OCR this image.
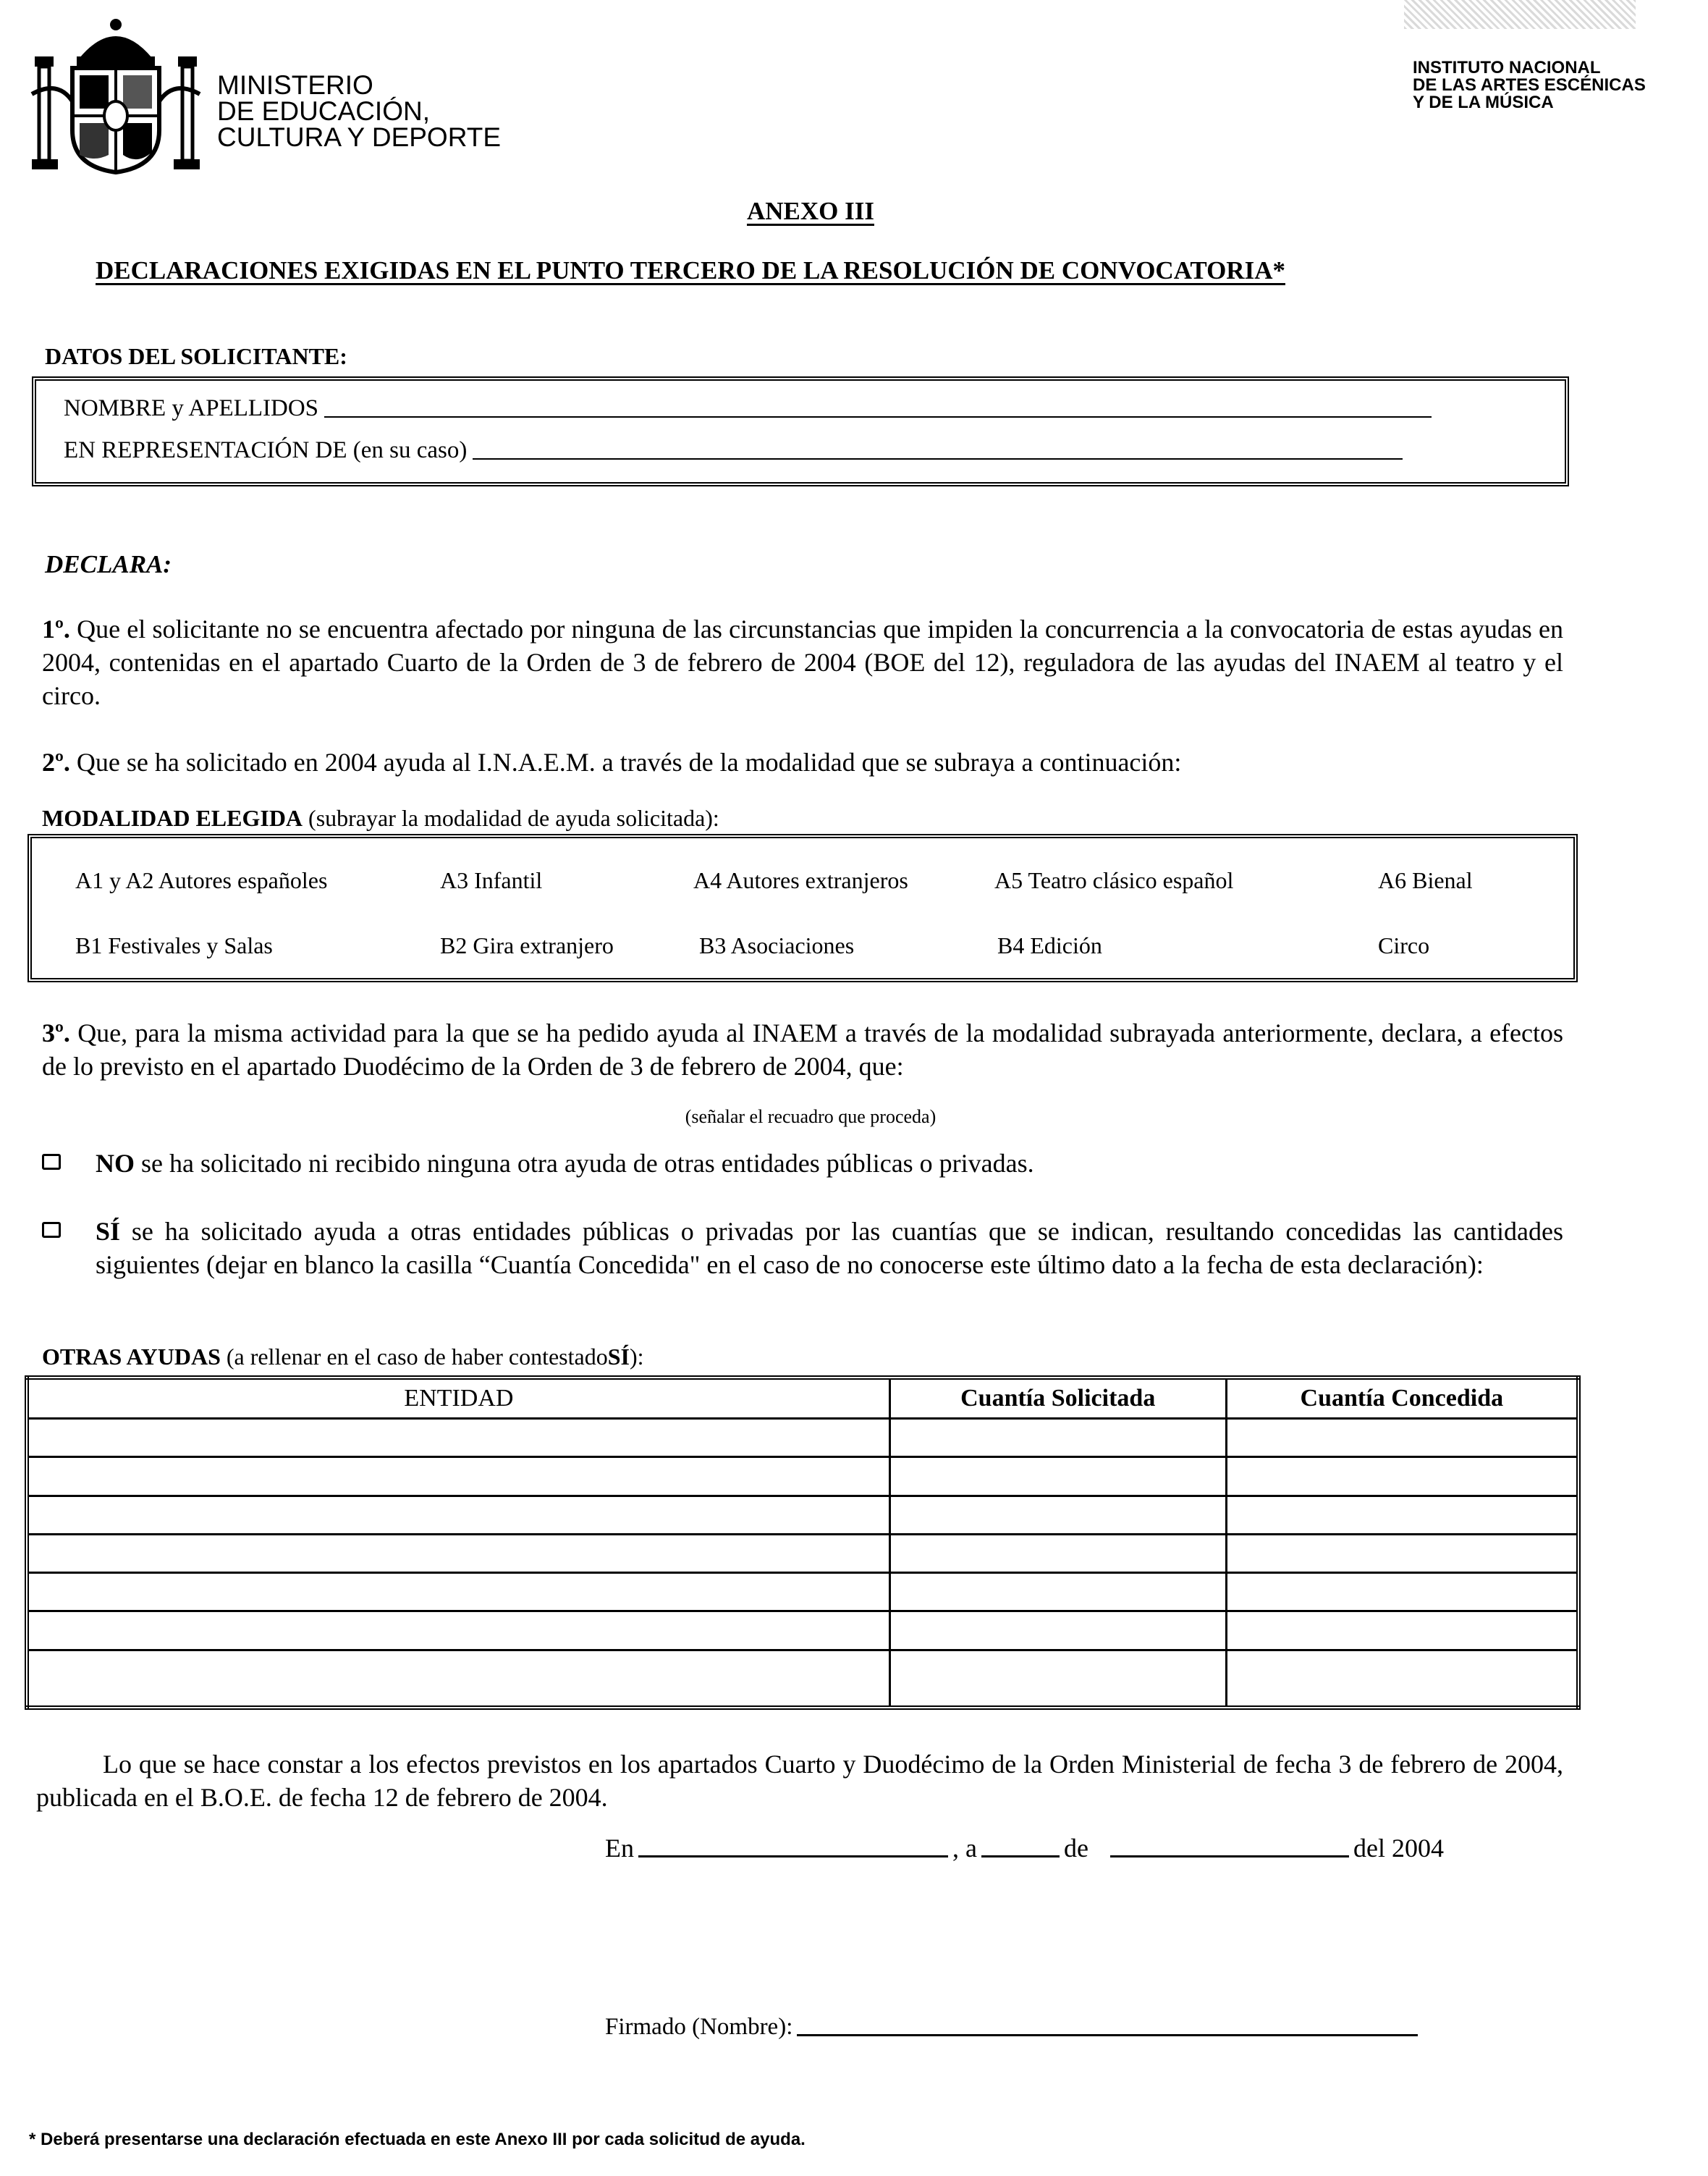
MINISTERIO
DE EDUCACIÓN,
CULTURA Y DEPORTE
INSTITUTO NACIONAL
DE LAS ARTES ESCÉNICAS
Y DE LA MÚSICA
ANEXO III
DECLARACIONES EXIGIDAS EN EL PUNTO TERCERO DE LA RESOLUCIÓN DE CONVOCATORIA*
DATOS DEL SOLICITANTE:
NOMBRE y APELLIDOS
EN REPRESENTACIÓN DE (en su caso)
DECLARA:
1º. Que el solicitante no se encuentra afectado por ninguna de las circunstancias que impiden la concurrencia a la convocatoria de estas ayudas en 2004, contenidas en el apartado Cuarto de la Orden de 3 de febrero de 2004 (BOE del 12), reguladora de las ayudas del INAEM al teatro y el circo.
2º. Que se ha solicitado en 2004 ayuda al I.N.A.E.M. a través de la modalidad que se subraya a continuación:
MODALIDAD ELEGIDA (subrayar la modalidad de ayuda solicitada):
A1 y A2 Autores españoles	A3 Infantil	A4 Autores extranjeros	A5 Teatro clásico español	A6 Bienal
B1 Festivales y Salas	B2 Gira extranjero	B3 Asociaciones	B4 Edición	Circo
3º. Que, para la misma actividad para la que se ha pedido ayuda al INAEM a través de la modalidad subrayada anteriormente, declara, a efectos de lo previsto en el apartado Duodécimo de la Orden de 3 de febrero de 2004, que:
(señalar el recuadro que proceda)
NO se ha solicitado ni recibido ninguna otra ayuda de otras entidades públicas o privadas.
SÍ se ha solicitado ayuda a otras entidades públicas o privadas por las cuantías que se indican, resultando concedidas las cantidades siguientes (dejar en blanco la casilla “Cuantía Concedida" en el caso de no conocerse este último dato a la fecha de esta declaración):
OTRAS AYUDAS (a rellenar en el caso de haber contestadoSÍ):
ENTIDAD	Cuantía Solicitada	Cuantía Concedida

Lo que se hace constar a los efectos previstos en los apartados Cuarto y Duodécimo de la Orden Ministerial de fecha 3 de febrero de 2004, publicada en el B.O.E. de fecha 12 de febrero de 2004.
En	, a	de	del 2004
Firmado (Nombre):
* Deberá presentarse una declaración efectuada en este Anexo III por cada solicitud de ayuda.
